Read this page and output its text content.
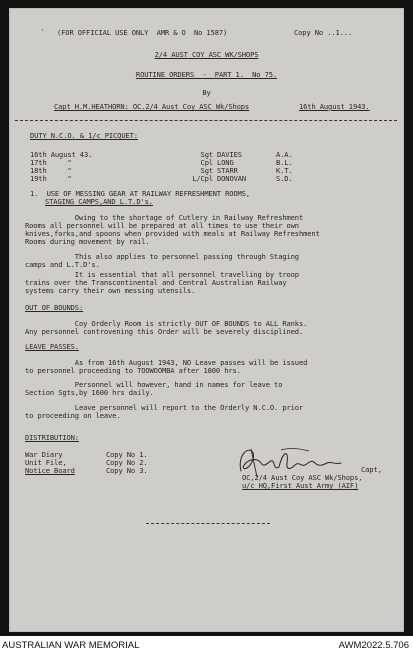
' (FOR OFFICIAL USE ONLY  AMR & O  No 1587)	Copy No ..1...
2/4 AUST COY ASC WK/SHOPS
ROUTINE ORDERS  -  PART 1.  No 75.
By
Capt H.M.HEATHORN: OC.2/4 Aust Coy ASC Wk/Shops	16th August 1943.
DUTY N.C.O. & 1/c PICQUET:
16th August 43.	Sgt DAVIES	A.A.
17th     "	Cpl LONG	B.L.
18th     "	Sgt STARR	K.T.
19th     "	L/Cpl DONOVAN	S.D.
1.  USE OF MESSING GEAR AT RAILWAY REFRESHMENT ROOMS,
STAGING CAMPS,AND L.T.D's.
Owing to the shortage of Cutlery in Railway Refreshment
Rooms all personnel will be prepared at all times to use their own
knives,forks,and spoons when provided with meals at Railway Refreshment
Rooms during movement by rail.
This also applies to personnel passing through Staging
camps and L.T.D's.
It is essential that all personnel travelling by troop
trains over the Transcontinental and Central Australian Railway
systems carry their own messing utensils.
OUT OF BOUNDS:
Coy Orderly Room is strictly OUT OF BOUNDS to ALL Ranks.
Any personnel controvening this Order will be severely disciplined.
LEAVE PASSES.
As from 16th August 1943, NO Leave passes will be issued
to personnel proceeding to TOOWOOMBA after 1800 hrs.
Personnel will however, hand in names for leave to
Section Sgts,by 1600 hrs daily.
Leave personnel will report to the Orderly N.C.O. prior
to proceeding on leave.
DISTRIBUTION:
War Diary	Copy No 1.
Unit File,	Copy No 2.
Notice Board	Copy No 3.	Capt,
OC,2/4 Aust Coy ASC Wk/Shops,
u/c HQ,First Aust Army (AIF)
AUSTRALIAN WAR MEMORIAL	AWM2022.5.706
